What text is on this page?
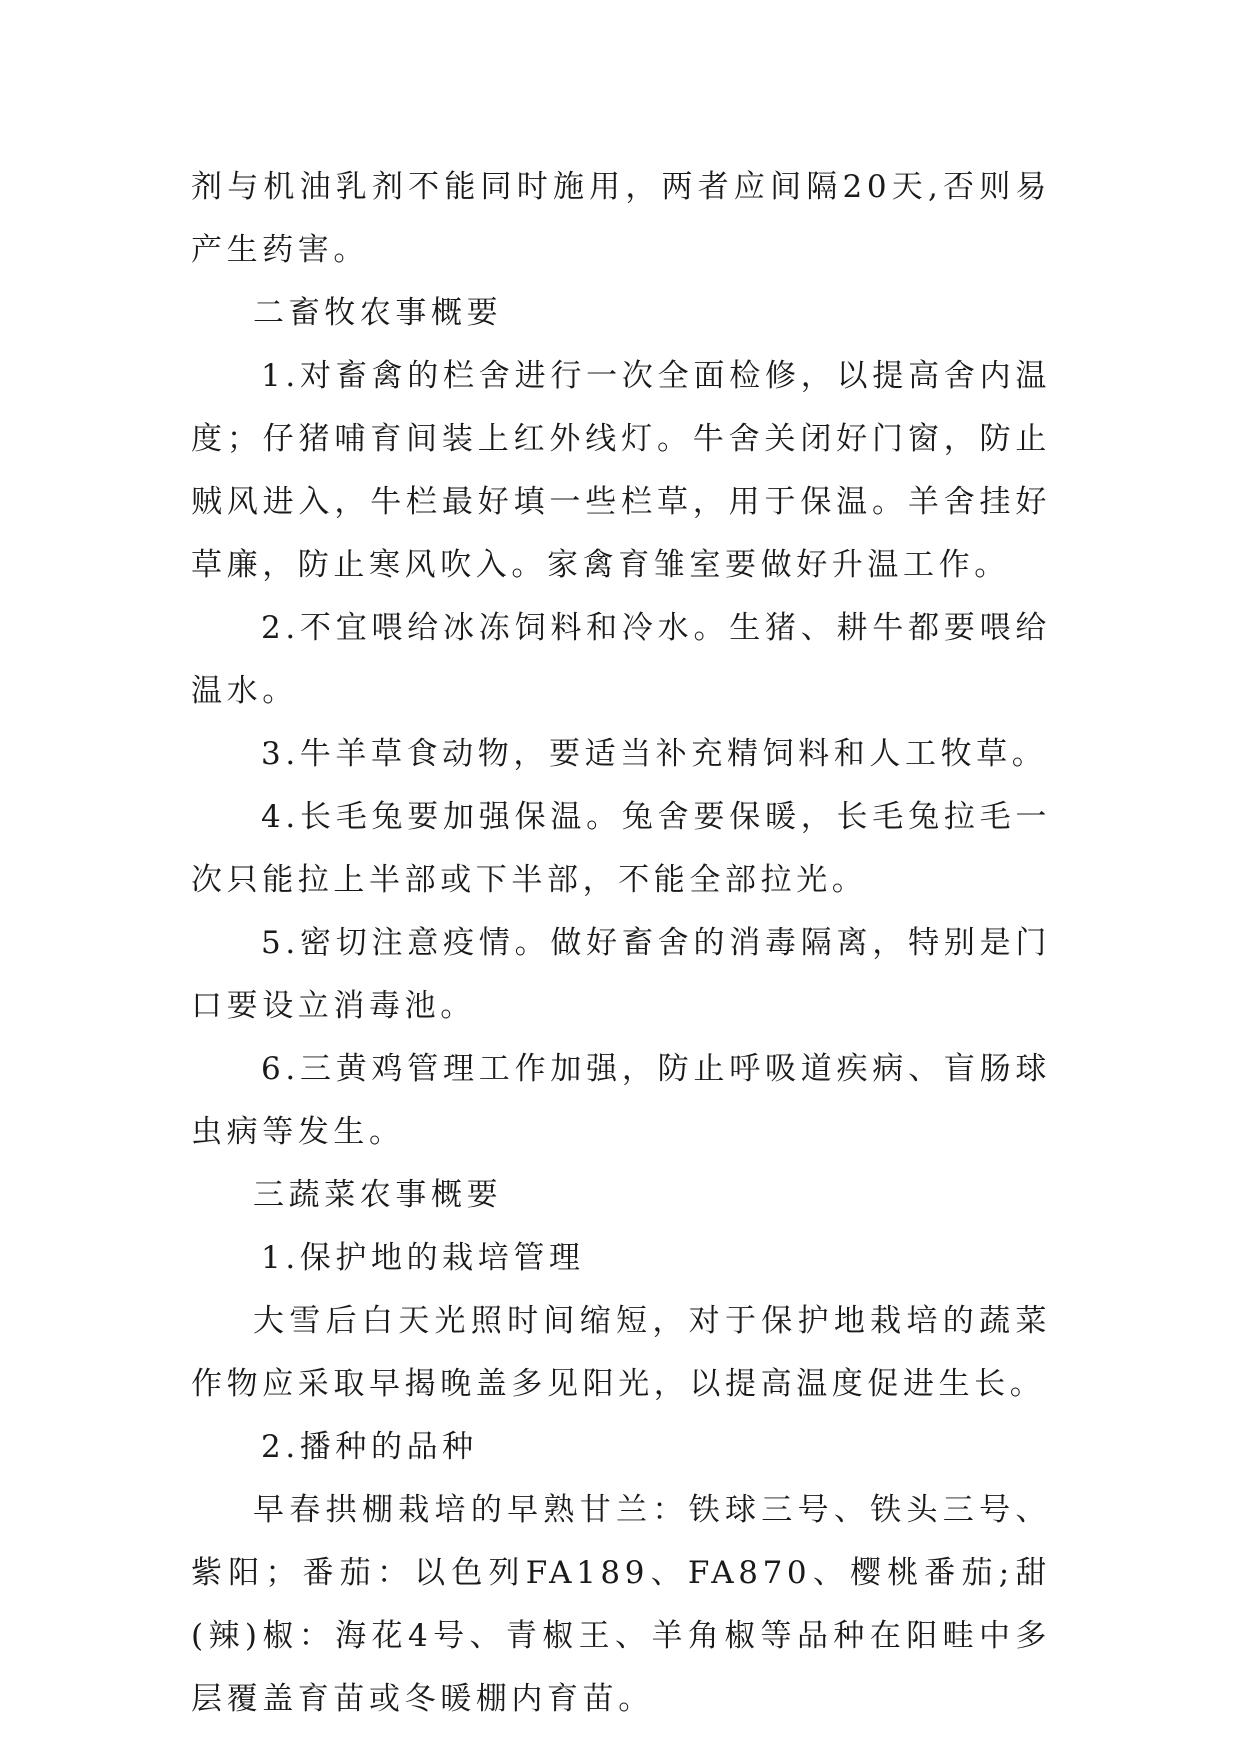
剂与机油乳剂不能同时施用，两者应间隔20天,否则易产生药害。

二畜牧农事概要

1.对畜禽的栏舍进行一次全面检修，以提高舍内温度；仔猪哺育间装上红外线灯。牛舍关闭好门窗，防止贼风进入，牛栏最好填一些栏草，用于保温。羊舍挂好草廉，防止寒风吹入。家禽育雏室要做好升温工作。

2.不宜喂给冰冻饲料和冷水。生猪、耕牛都要喂给温水。

3.牛羊草食动物，要适当补充精饲料和人工牧草。

4.长毛兔要加强保温。兔舍要保暖，长毛兔拉毛一次只能拉上半部或下半部，不能全部拉光。

5.密切注意疫情。做好畜舍的消毒隔离，特别是门口要设立消毒池。

6.三黄鸡管理工作加强，防止呼吸道疾病、盲肠球虫病等发生。

三蔬菜农事概要

1.保护地的栽培管理

大雪后白天光照时间缩短，对于保护地栽培的蔬菜作物应采取早揭晚盖多见阳光，以提高温度促进生长。

2.播种的品种

早春拱棚栽培的早熟甘兰：铁球三号、铁头三号、紫阳；番茄：以色列FA189、FA870、樱桃番茄;甜(辣)椒：海花4号、青椒王、羊角椒等品种在阳畦中多层覆盖育苗或冬暖棚内育苗。
